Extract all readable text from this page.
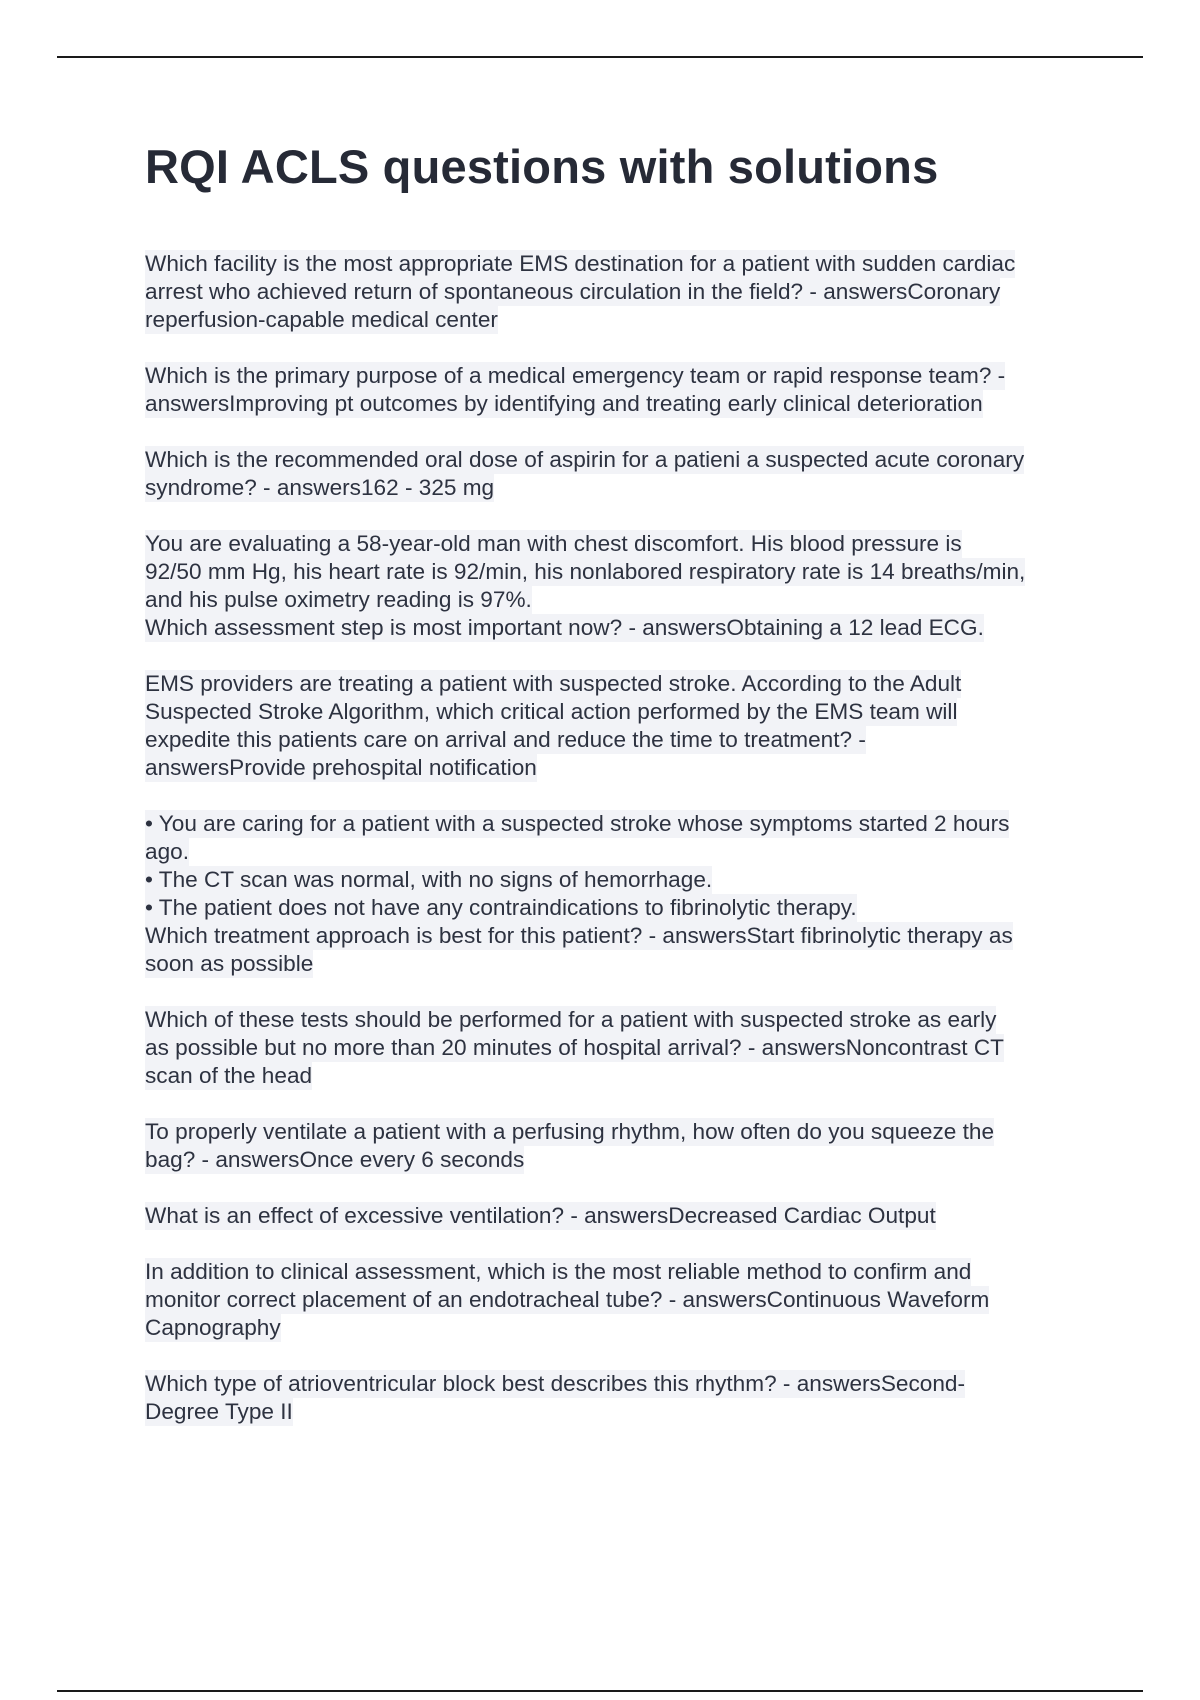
RQI ACLS questions with solutions
Which facility is the most appropriate EMS destination for a patient with sudden cardiac
arrest who achieved return of spontaneous circulation in the field? - answersCoronary
reperfusion-capable medical center
Which is the primary purpose of a medical emergency team or rapid response team? -
answersImproving pt outcomes by identifying and treating early clinical deterioration
Which is the recommended oral dose of aspirin for a patieni a suspected acute coronary
syndrome? - answers162 - 325 mg
You are evaluating a 58-year-old man with chest discomfort. His blood pressure is
92/50 mm Hg, his heart rate is 92/min, his nonlabored respiratory rate is 14 breaths/min,
and his pulse oximetry reading is 97%.
Which assessment step is most important now? - answersObtaining a 12 lead ECG.
EMS providers are treating a patient with suspected stroke. According to the Adult
Suspected Stroke Algorithm, which critical action performed by the EMS team will
expedite this patients care on arrival and reduce the time to treatment? -
answersProvide prehospital notification
• You are caring for a patient with a suspected stroke whose symptoms started 2 hours
ago.
• The CT scan was normal, with no signs of hemorrhage.
• The patient does not have any contraindications to fibrinolytic therapy.
Which treatment approach is best for this patient? - answersStart fibrinolytic therapy as
soon as possible
Which of these tests should be performed for a patient with suspected stroke as early
as possible but no more than 20 minutes of hospital arrival? - answersNoncontrast CT
scan of the head
To properly ventilate a patient with a perfusing rhythm, how often do you squeeze the
bag? - answersOnce every 6 seconds
What is an effect of excessive ventilation? - answersDecreased Cardiac Output
In addition to clinical assessment, which is the most reliable method to confirm and
monitor correct placement of an endotracheal tube? - answersContinuous Waveform
Capnography
Which type of atrioventricular block best describes this rhythm? - answersSecond-
Degree Type II
